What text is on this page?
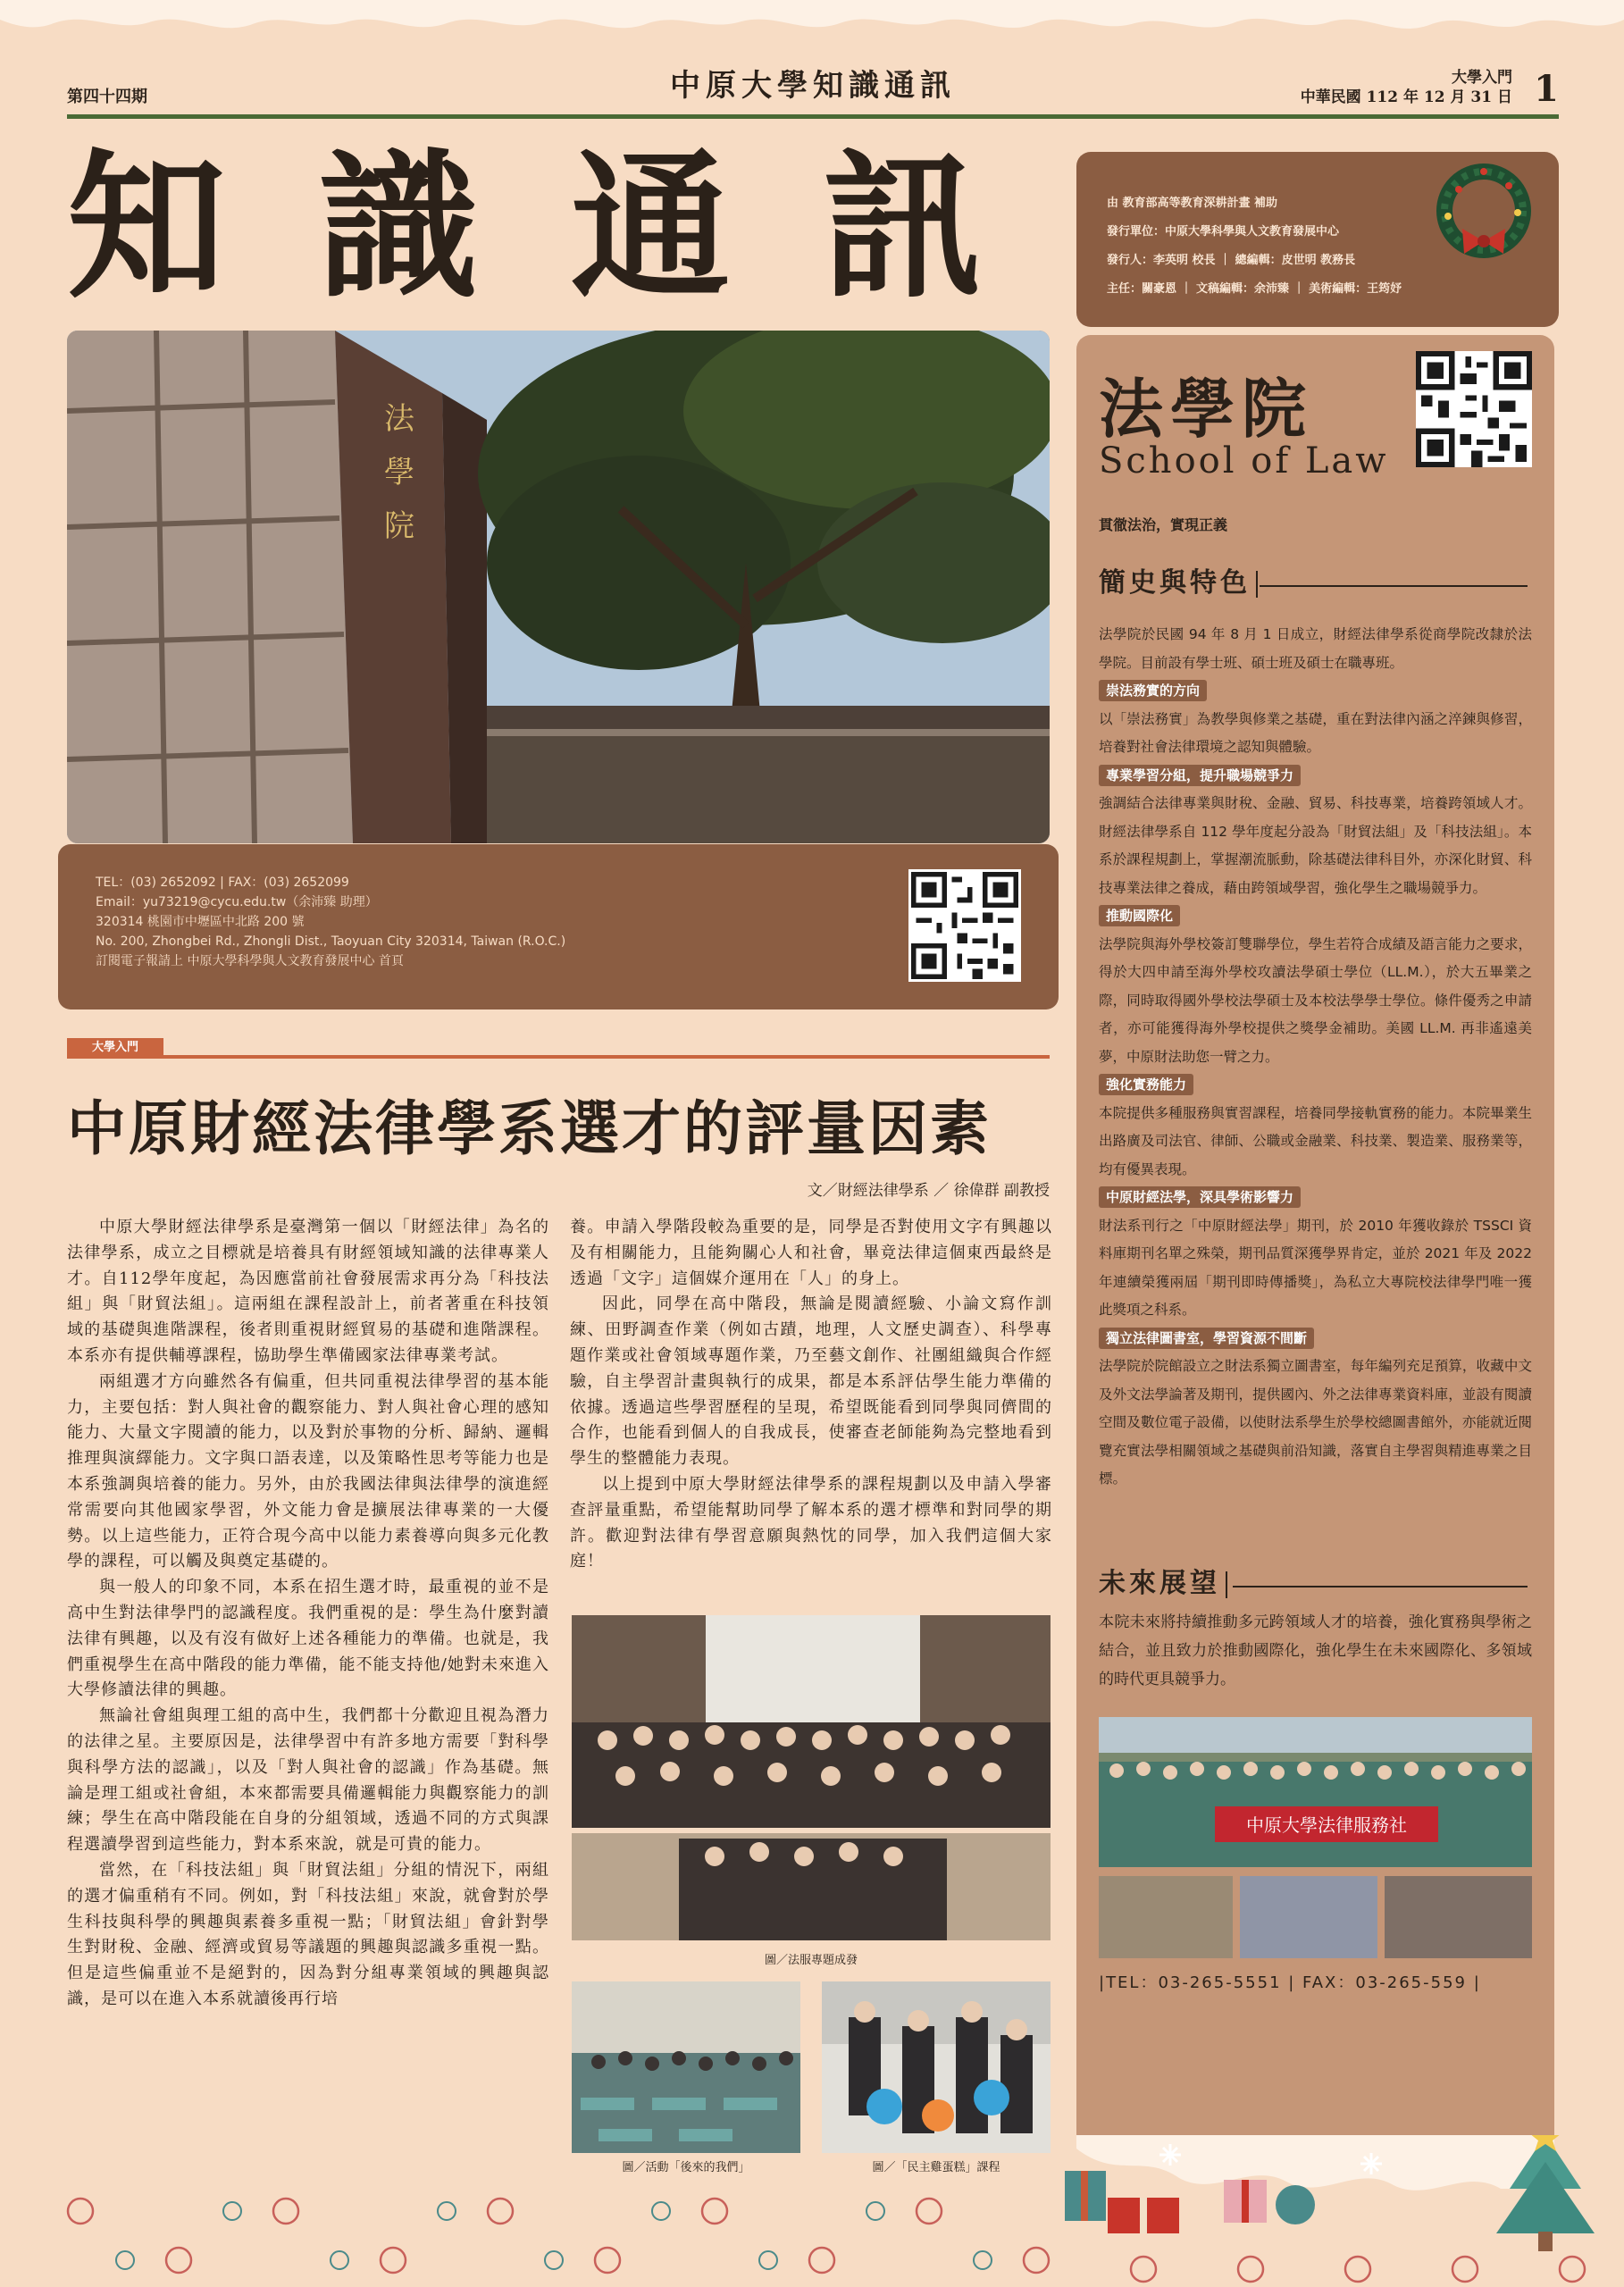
第四十四期	中原大學知識通訊	大學入門
中華民國 112 年 12 月 31 日 1
知識通訊	由 教育部高等教育深耕計畫 補助
發行單位：中原大學科學與人文教育發展中心
發行人：李英明 校長 ｜ 總編輯：皮世明 教務長
主任：關豪恩 ｜ 文稿編輯：余沛臻 ｜ 美術編輯：王筠妤
法
學
院
TEL：(03) 2652092 | FAX：(03) 2652099
Email：yu73219@cycu.edu.tw（余沛臻 助理）
320314 桃園市中壢區中北路 200 號
No. 200, Zhongbei Rd., Zhongli Dist., Taoyuan City 320314, Taiwan (R.O.C.)
訂閱電子報請上 中原大學科學與人文教育發展中心 首頁
大學入門
中原財經法律學系選才的評量因素
文／財經法律學系 ／ 徐偉群 副教授

中原大學財經法律學系是臺灣第一個以「財經法律」為名的法律學系，成立之目標就是培養具有財經領域知識的法律專業人才。自112學年度起，為因應當前社會發展需求再分為「科技法組」與「財貿法組」。這兩組在課程設計上，前者著重在科技領域的基礎與進階課程，後者則重視財經貿易的基礎和進階課程。本系亦有提供輔導課程，協助學生準備國家法律專業考試。

兩組選才方向雖然各有偏重，但共同重視法律學習的基本能力，主要包括：對人與社會的觀察能力、對人與社會心理的感知能力、大量文字閱讀的能力，以及對於事物的分析、歸納、邏輯推理與演繹能力。文字與口語表達，以及策略性思考等能力也是本系強調與培養的能力。另外，由於我國法律與法律學的演進經常需要向其他國家學習，外文能力會是擴展法律專業的一大優勢。以上這些能力，正符合現今高中以能力素養導向與多元化教學的課程，可以觸及與奠定基礎的。

與一般人的印象不同，本系在招生選才時，最重視的並不是高中生對法律學門的認識程度。我們重視的是：學生為什麼對讀法律有興趣，以及有沒有做好上述各種能力的準備。也就是，我們重視學生在高中階段的能力準備，能不能支持他/她對未來進入大學修讀法律的興趣。

無論社會組與理工組的高中生，我們都十分歡迎且視為潛力的法律之星。主要原因是，法律學習中有許多地方需要「對科學與科學方法的認識」，以及「對人與社會的認識」作為基礎。無論是理工組或社會組，本來都需要具備邏輯能力與觀察能力的訓練；學生在高中階段能在自身的分組領域，透過不同的方式與課程選讀學習到這些能力，對本系來說，就是可貴的能力。

當然，在「科技法組」與「財貿法組」分組的情況下，兩組的選才偏重稍有不同。例如，對「科技法組」來說，就會對於學生科技與科學的興趣與素養多重視一點；「財貿法組」會針對學生對財稅、金融、經濟或貿易等議題的興趣與認識多重視一點。但是這些偏重並不是絕對的，因為對分組專業領域的興趣與認識，是可以在進入本系就讀後再行培

養。申請入學階段較為重要的是，同學是否對使用文字有興趣以及有相關能力，且能夠關心人和社會，畢竟法律這個東西最終是透過「文字」這個媒介運用在「人」的身上。

因此，同學在高中階段，無論是閱讀經驗、小論文寫作訓練、田野調查作業（例如古蹟，地理，人文歷史調查）、科學專題作業或社會領域專題作業，乃至藝文創作、社團組織與合作經驗，自主學習計畫與執行的成果，都是本系評估學生能力準備的依據。透過這些學習歷程的呈現，希望既能看到同學與同儕間的合作，也能看到個人的自我成長，使審查老師能夠為完整地看到學生的整體能力表現。

以上提到中原大學財經法律學系的課程規劃以及申請入學審查評量重點，希望能幫助同學了解本系的選才標準和對同學的期許。歡迎對法律有學習意願與熱忱的同學，加入我們這個大家庭！

圖／法服專題成發
圖／活動「後來的我們」	圖／「民主雞蛋糕」課程
法學院
School of Law
貫徹法治，實現正義
簡史與特色
法學院於民國 94 年 8 月 1 日成立，財經法律學系從商學院改隸於法學院。目前設有學士班、碩士班及碩士在職專班。
崇法務實的方向
以「崇法務實」為教學與修業之基礎，重在對法律內涵之淬鍊與修習，培養對社會法律環境之認知與體驗。
專業學習分組，提升職場競爭力
強調結合法律專業與財稅、金融、貿易、科技專業，培養跨領域人才。財經法律學系自 112 學年度起分設為「財貿法組」及「科技法組」。本系於課程規劃上，掌握潮流脈動，除基礎法律科目外，亦深化財貿、科技專業法律之養成，藉由跨領域學習，強化學生之職場競爭力。
推動國際化
法學院與海外學校簽訂雙聯學位，學生若符合成績及語言能力之要求，得於大四申請至海外學校攻讀法學碩士學位（LL.M.），於大五畢業之際，同時取得國外學校法學碩士及本校法學學士學位。條件優秀之申請者，亦可能獲得海外學校提供之獎學金補助。美國 LL.M. 再非遙遠美夢，中原財法助您一臂之力。
強化實務能力
本院提供多種服務與實習課程，培養同學接軌實務的能力。本院畢業生出路廣及司法官、律師、公職或金融業、科技業、製造業、服務業等，均有優異表現。
中原財經法學，深具學術影響力
財法系刊行之「中原財經法學」期刊，於 2010 年獲收錄於 TSSCI 資料庫期刊名單之殊榮，期刊品質深獲學界肯定，並於 2021 年及 2022 年連續榮獲兩屆「期刊即時傳播獎」，為私立大專院校法律學門唯一獲此獎項之科系。
獨立法律圖書室，學習資源不間斷
法學院於院館設立之財法系獨立圖書室，每年編列充足預算，收藏中文及外文法學論著及期刊，提供國內、外之法律專業資料庫，並設有閱讀空間及數位電子設備，以使財法系學生於學校總圖書館外，亦能就近閱覽充實法學相關領域之基礎與前沿知識，落實自主學習與精進專業之目標。
未來展望
本院未來將持續推動多元跨領域人才的培養，強化實務與學術之結合，並且致力於推動國際化，強化學生在未來國際化、多領域的時代更具競爭力。
中原大學法律服務社
|TEL：03-265-5551 | FAX：03-265-559 |
